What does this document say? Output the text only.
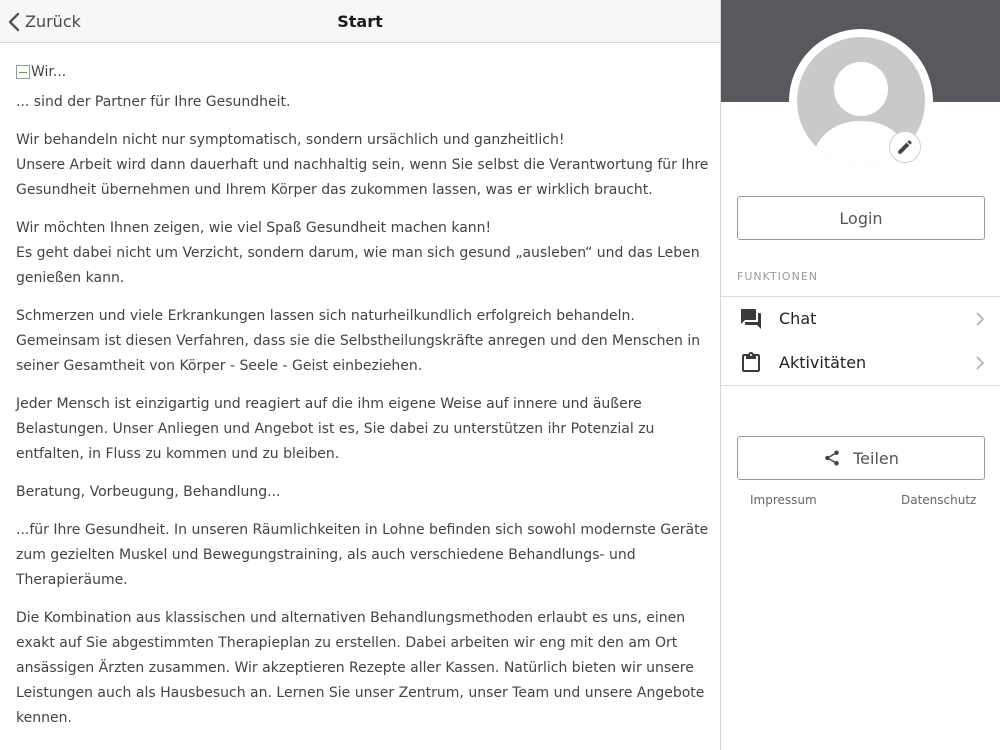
Zurück	Start
Wir...
... sind der Partner für Ihre Gesundheit.
Wir behandeln nicht nur symptomatisch, sondern ursächlich und ganzheitlich!
Unsere Arbeit wird dann dauerhaft und nachhaltig sein, wenn Sie selbst die Verantwortung für Ihre
Gesundheit übernehmen und Ihrem Körper das zukommen lassen, was er wirklich braucht.
Wir möchten Ihnen zeigen, wie viel Spaß Gesundheit machen kann!
Es geht dabei nicht um Verzicht, sondern darum, wie man sich gesund „ausleben“ und das Leben
genießen kann.
Schmerzen und viele Erkrankungen lassen sich naturheilkundlich erfolgreich behandeln.
Gemeinsam ist diesen Verfahren, dass sie die Selbstheilungskräfte anregen und den Menschen in
seiner Gesamtheit von Körper - Seele - Geist einbeziehen.
Jeder Mensch ist einzigartig und reagiert auf die ihm eigene Weise auf innere und äußere
Belastungen. Unser Anliegen und Angebot ist es, Sie dabei zu unterstützen ihr Potenzial zu
entfalten, in Fluss zu kommen und zu bleiben.
Beratung, Vorbeugung, Behandlung...
...für Ihre Gesundheit. In unseren Räumlichkeiten in Lohne befinden sich sowohl modernste Geräte
zum gezielten Muskel und Bewegungstraining, als auch verschiedene Behandlungs- und
Therapieräume.
Die Kombination aus klassischen und alternativen Behandlungsmethoden erlaubt es uns, einen
exakt auf Sie abgestimmten Therapieplan zu erstellen. Dabei arbeiten wir eng mit den am Ort
ansässigen Ärzten zusammen. Wir akzeptieren Rezepte aller Kassen. Natürlich bieten wir unsere
Leistungen auch als Hausbesuch an. Lernen Sie unser Zentrum, unser Team und unsere Angebote
kennen.
Login
FUNKTIONEN
Chat
Aktivitäten
Teilen
Impressum	Datenschutz
